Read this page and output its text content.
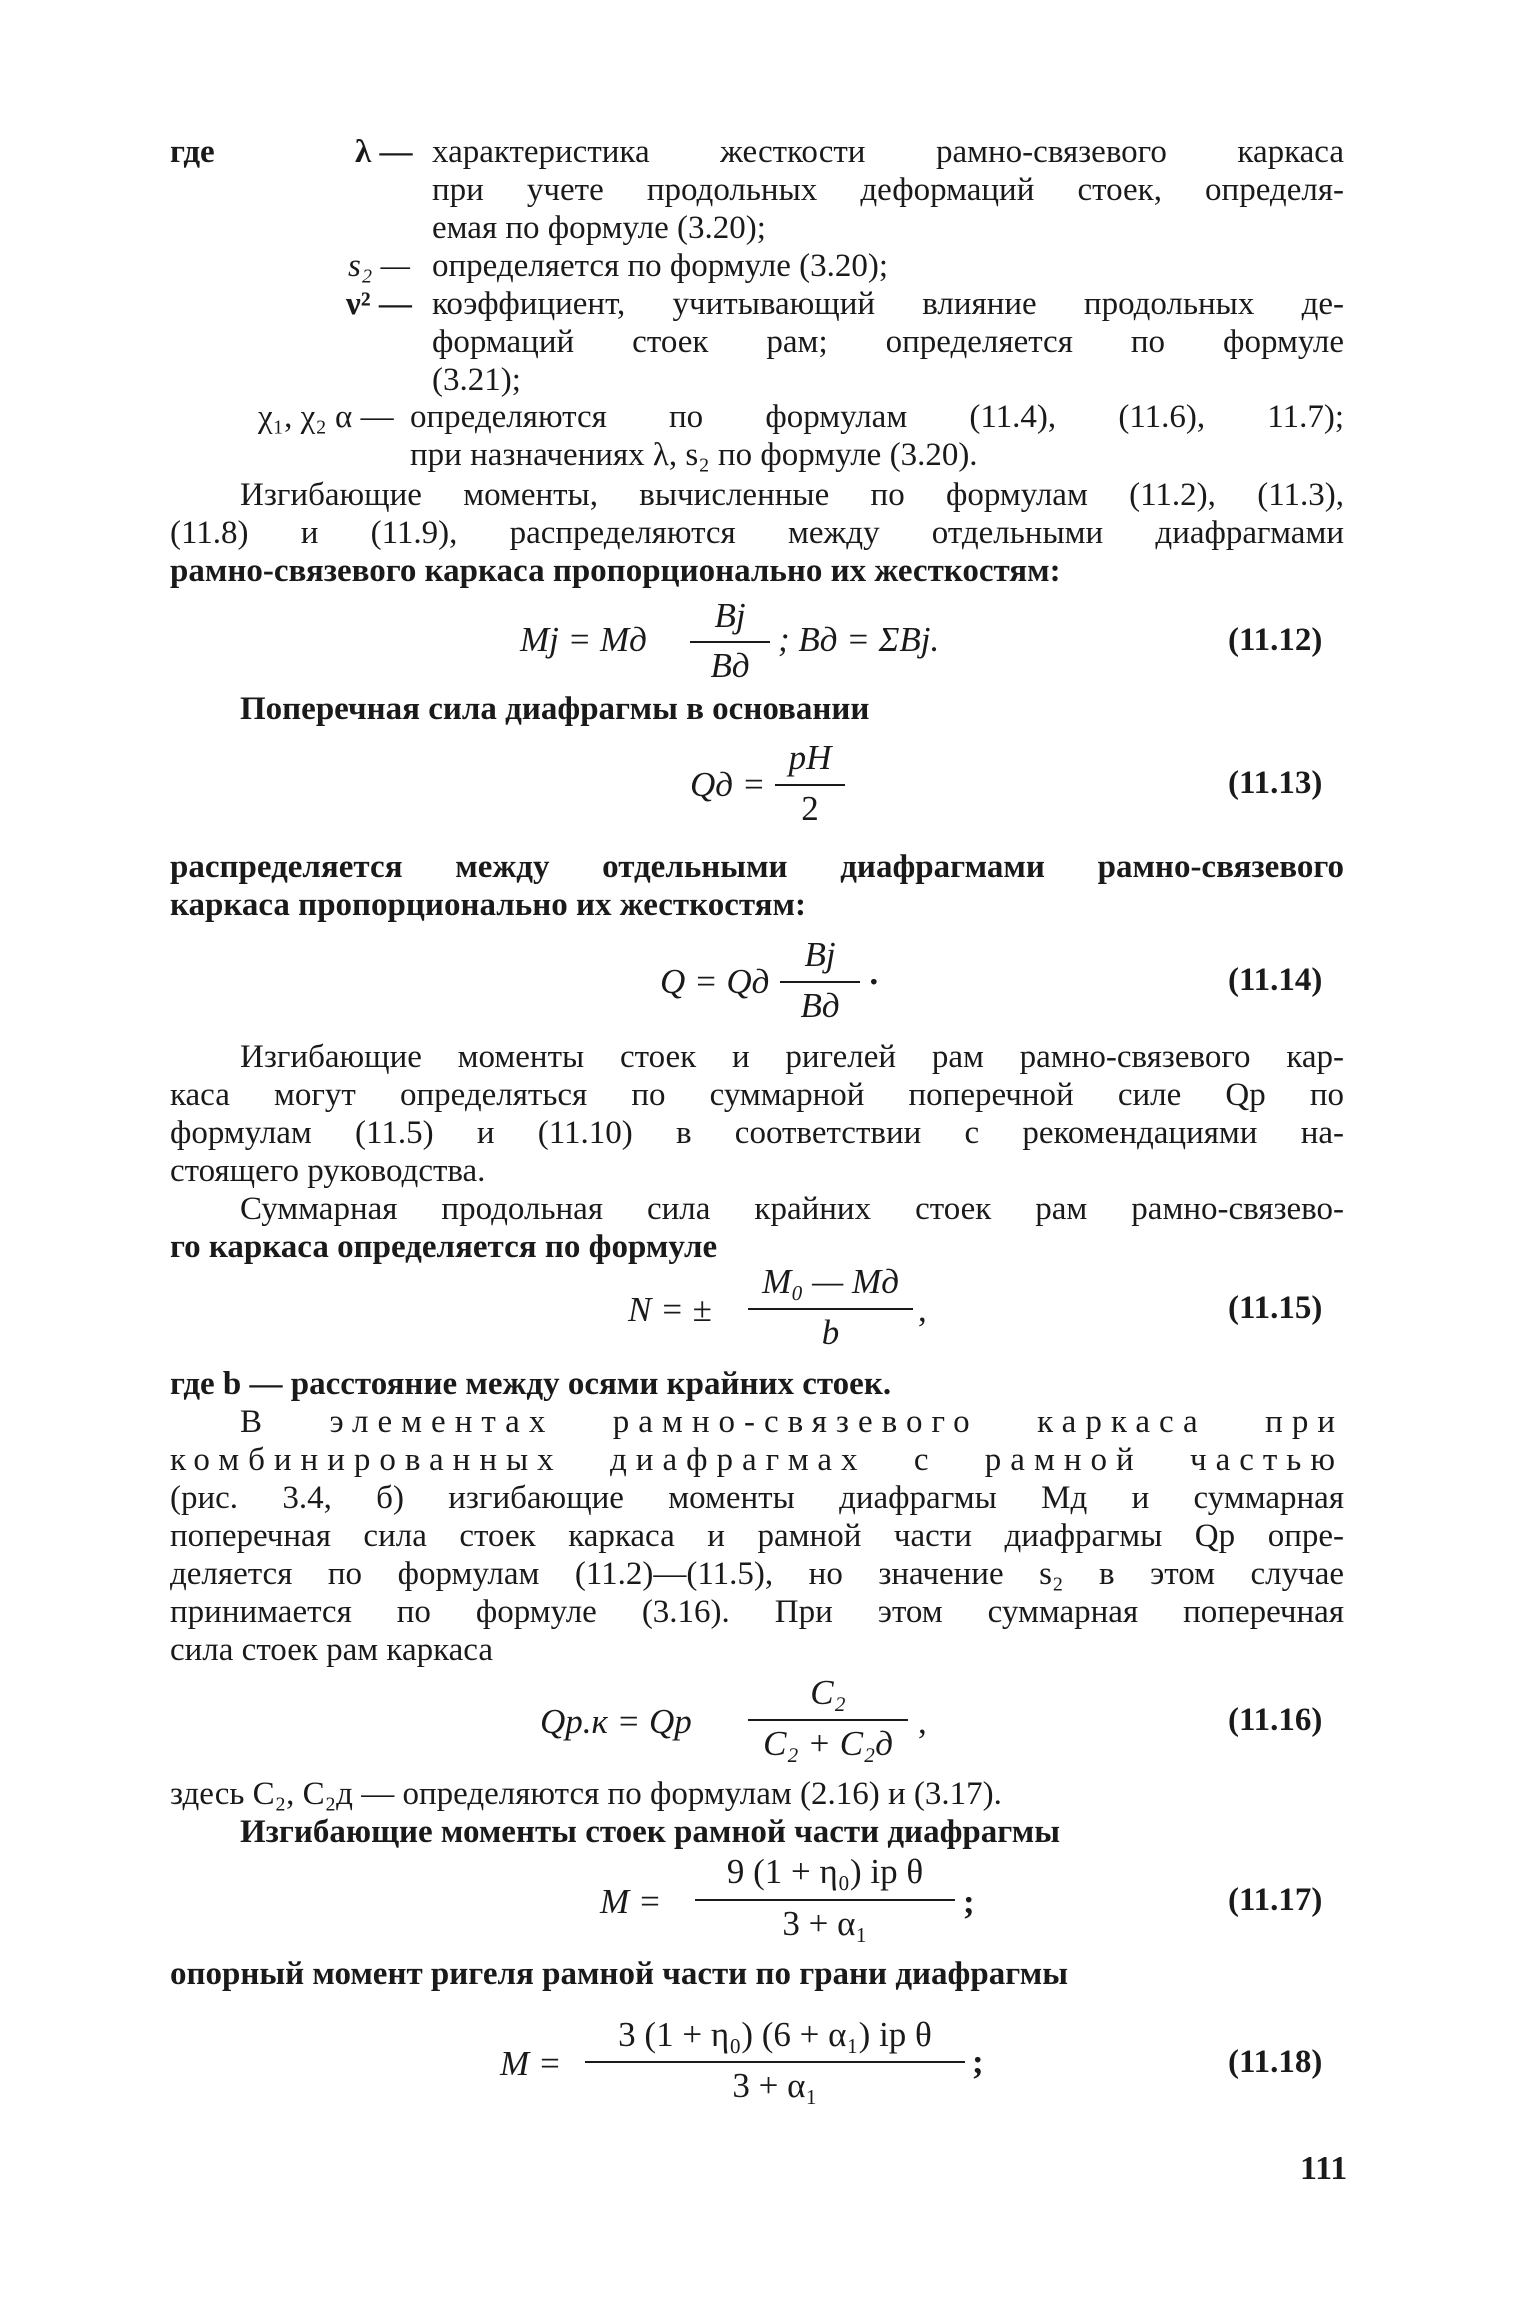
где	λ — характеристика жесткости рамно-связевого каркаса
при учете продольных деформаций стоек, определя-
емая по формуле (3.20);
s₂ — определяется по формуле (3.20);
ν² — коэффициент, учитывающий влияние продольных де-
формаций стоек рам; определяется по формуле
(3.21);
χ₁, χ₂ α — определяются по формулам (11.4), (11.6), 11.7);
при назначениях λ, s₂ по формуле (3.20).
Изгибающие моменты, вычисленные по формулам (11.2), (11.3),
(11.8) и (11.9), распределяются между отдельными диафрагмами
рамно-связевого каркаса пропорционально их жесткостям:
Mj = Mд
Bj
Bд
; Bд = ΣBj.	(11.12)
Поперечная сила диафрагмы в основании
Qд =
pH
2
(11.13)
распределяется между отдельными диафрагмами рамно-связевого
каркаса пропорционально их жесткостям:
Q = Qд
Bj
Bд
·	(11.14)
Изгибающие моменты стоек и ригелей рам рамно-связевого кар-
каса могут определяться по суммарной поперечной силе Qр по
формулам (11.5) и (11.10) в соответствии с рекомендациями на-
стоящего руководства.
Суммарная продольная сила крайних стоек рам рамно-связево-
го каркаса определяется по формуле
N = ±
M₀ — Mд
b
,	(11.15)
где b — расстояние между осями крайних стоек.
В элементах рамно-связевого каркаса при
комбинированных диафрагмах с рамной частью
(рис. 3.4, б) изгибающие моменты диафрагмы Mд и суммарная
поперечная сила стоек каркаса и рамной части диафрагмы Qр опре-
деляется по формулам (11.2)—(11.5), но значение s₂ в этом случае
принимается по формуле (3.16). При этом суммарная поперечная
сила стоек рам каркаса
Qр.к = Qр
C₂
C₂ + C₂д
,	(11.16)
здесь C₂, C₂д — определяются по формулам (2.16) и (3.17).
Изгибающие моменты стоек рамной части диафрагмы
M =
9 (1 + η₀) iр θ
3 + α₁
;	(11.17)
опорный момент ригеля рамной части по грани диафрагмы
M =
3 (1 + η₀) (6 + α₁) iр θ
3 + α₁
;	(11.18)
111
